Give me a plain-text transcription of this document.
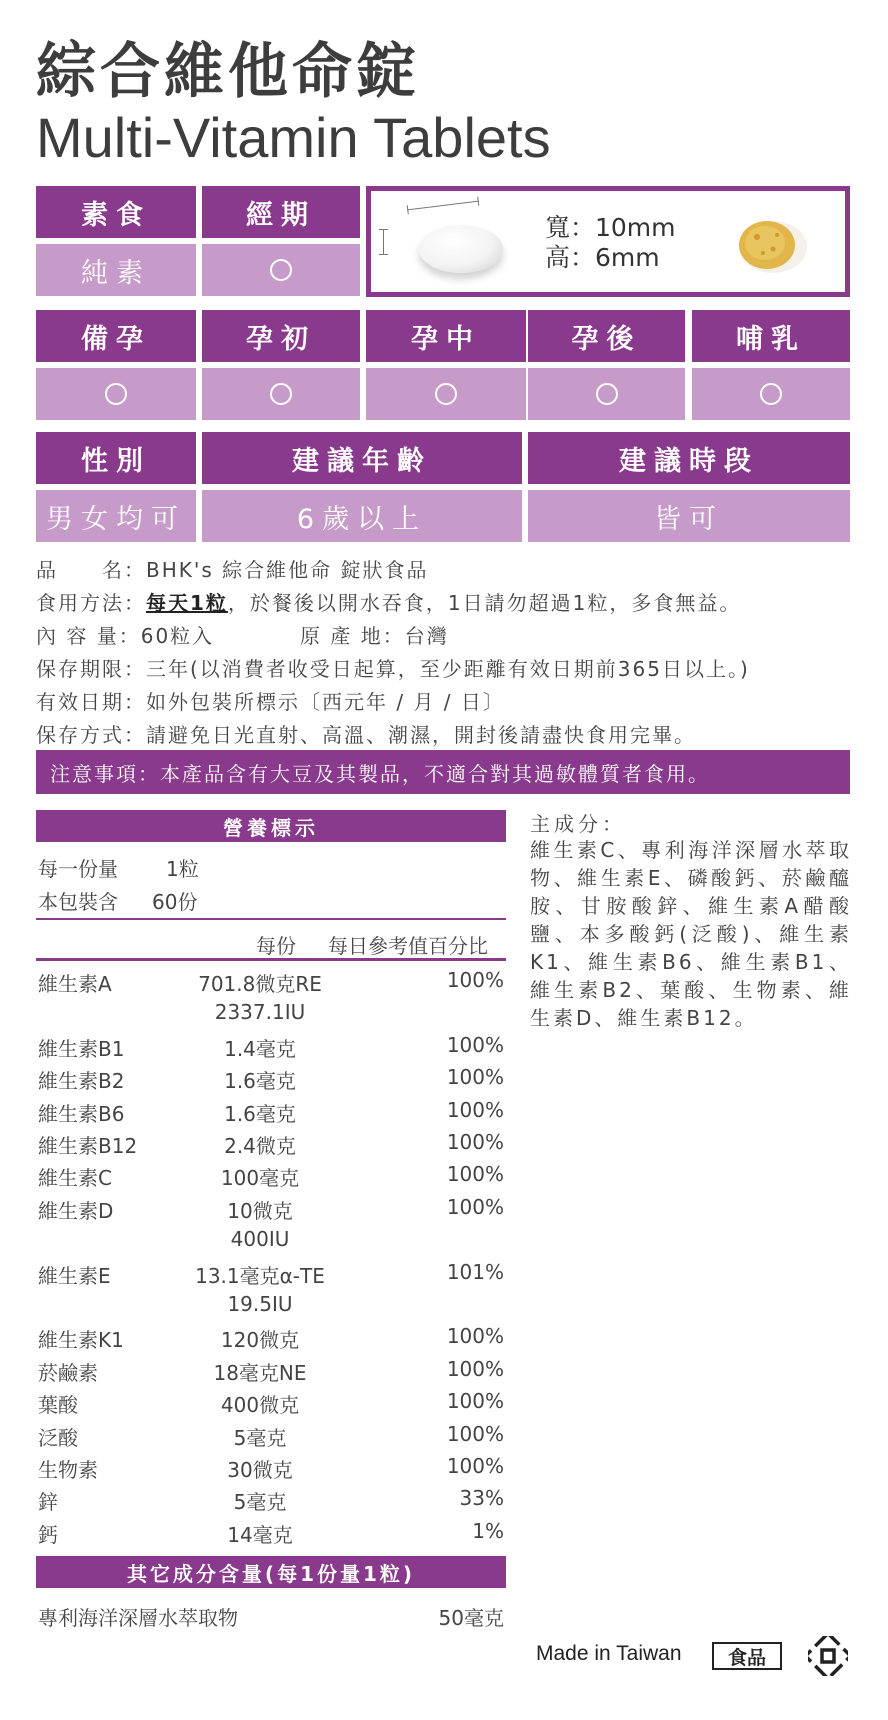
綜合維他命錠
Multi-Vitamin Tablets
素食	經期
純素
寬：10mm
高：6mm
備孕	孕初	孕中	孕後	哺乳
性別	建議年齡	建議時段
男女均可	6歲以上	皆可
品　　名：BHK's 綜合維他命 錠狀食品
食用方法：每天1粒，於餐後以開水吞食，1日請勿超過1粒，多食無益。
內 容 量：60粒入	原 產 地：台灣
保存期限：三年(以消費者收受日起算，至少距離有效日期前365日以上。)
有效日期：如外包裝所標示〔西元年 / 月 / 日〕
保存方式：請避免日光直射、高溫、潮濕，開封後請盡快食用完畢。
注意事項：本產品含有大豆及其製品，不適合對其過敏體質者食用。
營養標示
每一份量 1粒
本包裝含 60份
每份 每日參考值百分比
維生素A	701.8微克RE	100%
2337.1IU
維生素B1	1.4毫克	100%
維生素B2	1.6毫克	100%
維生素B6	1.6毫克	100%
維生素B12	2.4微克	100%
維生素C	100毫克	100%
維生素D	10微克	100%
400IU
維生素E	13.1毫克α-TE	101%
19.5IU
維生素K1	120微克	100%
菸鹼素	18毫克NE	100%
葉酸	400微克	100%
泛酸	5毫克	100%
生物素	30微克	100%
鋅	5毫克	33%
鈣	14毫克	1%
其它成分含量(每1份量1粒)
專利海洋深層水萃取物	50毫克
主成分：
維生素C、專利海洋深層水萃取物、維生素E、磷酸鈣、菸鹼醯胺、甘胺酸鋅、維生素A醋酸鹽、本多酸鈣(泛酸)、維生素K1、維生素B6、維生素B1、維生素B2、葉酸、生物素、維生素D、維生素B12。
Made in Taiwan	食品
